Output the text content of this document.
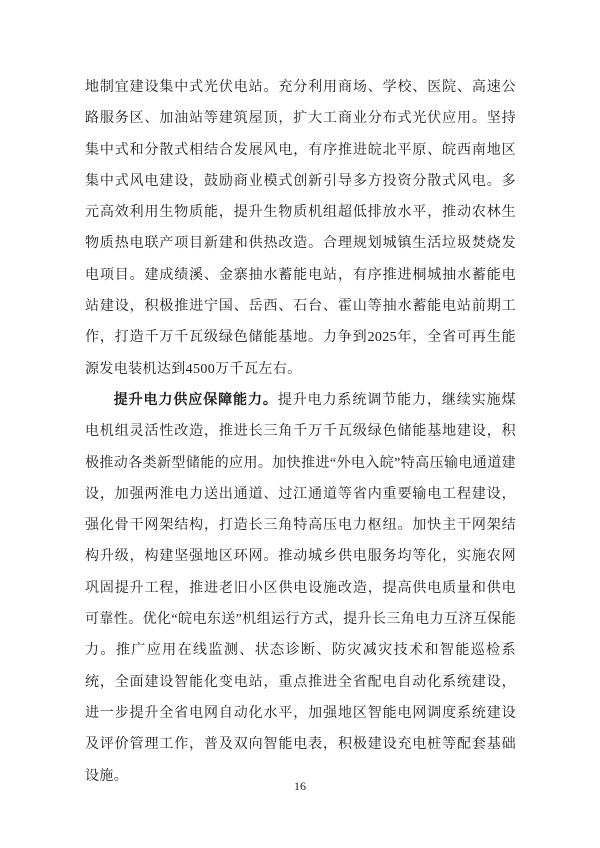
地制宜建设集中式光伏电站。充分利用商场、学校、医院、高速公路服务区、加油站等建筑屋顶，扩大工商业分布式光伏应用。坚持集中式和分散式相结合发展风电，有序推进皖北平原、皖西南地区集中式风电建设，鼓励商业模式创新引导多方投资分散式风电。多元高效利用生物质能，提升生物质机组超低排放水平，推动农林生物质热电联产项目新建和供热改造。合理规划城镇生活垃圾焚烧发电项目。建成绩溪、金寨抽水蓄能电站，有序推进桐城抽水蓄能电站建设，积极推进宁国、岳西、石台、霍山等抽水蓄能电站前期工作，打造千万千瓦级绿色储能基地。力争到2025年，全省可再生能源发电装机达到4500万千瓦左右。

提升电力供应保障能力。提升电力系统调节能力，继续实施煤电机组灵活性改造，推进长三角千万千瓦级绿色储能基地建设，积极推动各类新型储能的应用。加快推进“外电入皖”特高压输电通道建设，加强两淮电力送出通道、过江通道等省内重要输电工程建设，强化骨干网架结构，打造长三角特高压电力枢纽。加快主干网架结构升级，构建坚强地区环网。推动城乡供电服务均等化，实施农网巩固提升工程，推进老旧小区供电设施改造，提高供电质量和供电可靠性。优化“皖电东送”机组运行方式，提升长三角电力互济互保能力。推广应用在线监测、状态诊断、防灾减灾技术和智能巡检系统，全面建设智能化变电站，重点推进全省配电自动化系统建设，进一步提升全省电网自动化水平，加强地区智能电网调度系统建设及评价管理工作，普及双向智能电表，积极建设充电桩等配套基础设施。

16
